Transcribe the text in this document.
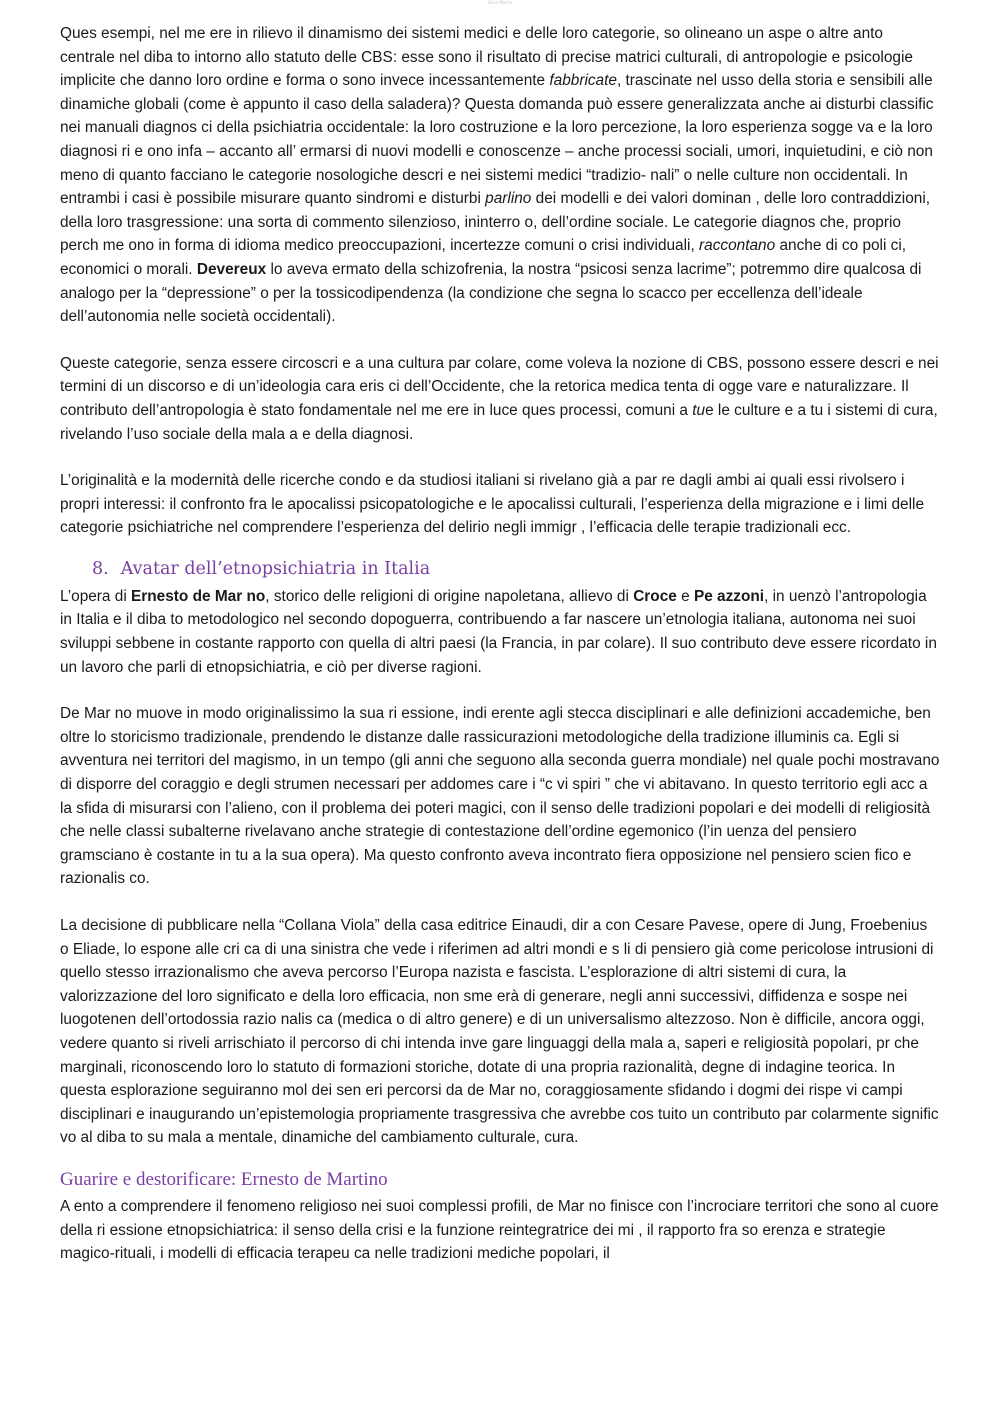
Saint Martin

Ques esempi, nel me ere in rilievo il dinamismo dei sistemi medici e delle loro categorie, so olineano un aspe o altre anto centrale nel diba to intorno allo statuto delle CBS: esse sono il risultato di precise matrici culturali, di antropologie e psicologie implicite che danno loro ordine e forma o sono invece incessantemente fabbricate, trascinate nel usso della storia e sensibili alle dinamiche globali (come è appunto il caso della saladera)? Questa domanda può essere generalizzata anche ai disturbi classific nei manuali diagnos ci della psichiatria occidentale: la loro costruzione e la loro percezione, la loro esperienza sogge va e la loro diagnosi ri e ono infa – accanto all’ ermarsi di nuovi modelli e conoscenze – anche processi sociali, umori, inquietudini, e ciò non meno di quanto facciano le categorie nosologiche descri e nei sistemi medici “tradizio- nali” o nelle culture non occidentali. In entrambi i casi è possibile misurare quanto sindromi e disturbi parlino dei modelli e dei valori dominan , delle loro contraddizioni, della loro trasgressione: una sorta di commento silenzioso, ininterro o, dell’ordine sociale. Le categorie diagnos che, proprio perch me ono in forma di idioma medico preoccupazioni, incertezze comuni o crisi individuali, raccontano anche di co poli ci, economici o morali. Devereux lo aveva ermato della schizofrenia, la nostra “psicosi senza lacrime”; potremmo dire qualcosa di analogo per la “depressione” o per la tossicodipendenza (la condizione che segna lo scacco per eccellenza dell’ideale dell’autonomia nelle società occidentali).

Queste categorie, senza essere circoscri e a una cultura par colare, come voleva la nozione di CBS, possono essere descri e nei termini di un discorso e di un’ideologia cara eris ci dell’Occidente, che la retorica medica tenta di ogge vare e naturalizzare. Il contributo dell’antropologia è stato fondamentale nel me ere in luce ques processi, comuni a tue le culture e a tu i sistemi di cura, rivelando l’uso sociale della mala a e della diagnosi.

L’originalità e la modernità delle ricerche condo e da studiosi italiani si rivelano già a par re dagli ambi ai quali essi rivolsero i propri interessi: il confronto fra le apocalissi psicopatologiche e le apocalissi culturali, l’esperienza della migrazione e i limi delle categorie psichiatriche nel comprendere l’esperienza del delirio negli immigr , l’efficacia delle terapie tradizionali ecc.

8. Avatar dell’etnopsichiatria in Italia

L’opera di Ernesto de Mar no, storico delle religioni di origine napoletana, allievo di Croce e Pe azzoni, in uenzò l’antropologia in Italia e il diba to metodologico nel secondo dopoguerra, contribuendo a far nascere un’etnologia italiana, autonoma nei suoi sviluppi sebbene in costante rapporto con quella di altri paesi (la Francia, in par colare). Il suo contributo deve essere ricordato in un lavoro che parli di etnopsichiatria, e ciò per diverse ragioni.

De Mar no muove in modo originalissimo la sua ri essione, indi erente agli stecca disciplinari e alle definizioni accademiche, ben oltre lo storicismo tradizionale, prendendo le distanze dalle rassicurazioni metodologiche della tradizione illuminis ca. Egli si avventura nei territori del magismo, in un tempo (gli anni che seguono alla seconda guerra mondiale) nel quale pochi mostravano di disporre del coraggio e degli strumen necessari per addomes care i “c vi spiri ” che vi abitavano. In questo territorio egli acc a la sfida di misurarsi con l’alieno, con il problema dei poteri magici, con il senso delle tradizioni popolari e dei modelli di religiosità che nelle classi subalterne rivelavano anche strategie di contestazione dell’ordine egemonico (l’in uenza del pensiero gramsciano è costante in tu a la sua opera). Ma questo confronto aveva incontrato fiera opposizione nel pensiero scien fico e razionalis co.

La decisione di pubblicare nella “Collana Viola” della casa editrice Einaudi, dir a con Cesare Pavese, opere di Jung, Froebenius o Eliade, lo espone alle cri ca di una sinistra che vede i riferimen ad altri mondi e s li di pensiero già come pericolose intrusioni di quello stesso irrazionalismo che aveva percorso l’Europa nazista e fascista. L’esplorazione di altri sistemi di cura, la valorizzazione del loro significato e della loro efficacia, non sme erà di generare, negli anni successivi, diffidenza e sospe nei luogotenen dell’ortodossia razio nalis ca (medica o di altro genere) e di un universalismo altezzoso. Non è difficile, ancora oggi, vedere quanto si riveli arrischiato il percorso di chi intenda inve gare linguaggi della mala a, saperi e religiosità popolari, pr che marginali, riconoscendo loro lo statuto di formazioni storiche, dotate di una propria razionalità, degne di indagine teorica. In questa esplorazione seguiranno mol dei sen eri percorsi da de Mar no, coraggiosamente sfidando i dogmi dei rispe vi campi disciplinari e inaugurando un’epistemologia propriamente trasgressiva che avrebbe cos tuito un contributo par colarmente signific vo al diba to su mala a mentale, dinamiche del cambiamento culturale, cura.

Guarire e destorificare: Ernesto de Martino

A ento a comprendere il fenomeno religioso nei suoi complessi profili, de Mar no finisce con l’incrociare territori che sono al cuore della ri essione etnopsichiatrica: il senso della crisi e la funzione reintegratrice dei mi , il rapporto fra so erenza e strategie magico-rituali, i modelli di efficacia terapeu ca nelle tradizioni mediche popolari, il
